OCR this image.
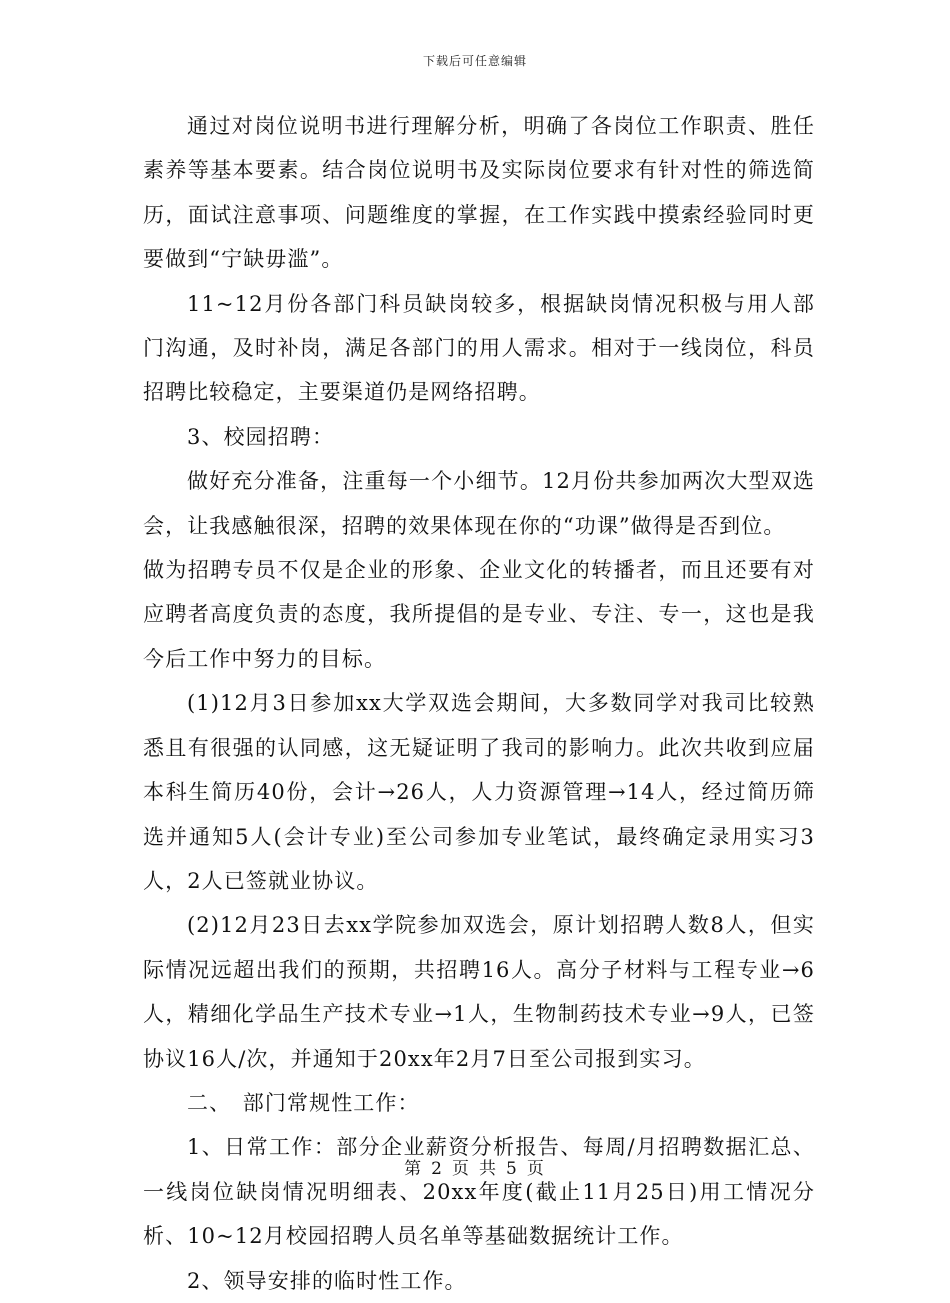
下载后可任意编辑

通过对岗位说明书进行理解分析，明确了各岗位工作职责、胜任素养等基本要素。结合岗位说明书及实际岗位要求有针对性的筛选简历，面试注意事项、问题维度的掌握，在工作实践中摸索经验同时更要做到“宁缺毋滥”。

11~12月份各部门科员缺岗较多，根据缺岗情况积极与用人部门沟通，及时补岗，满足各部门的用人需求。相对于一线岗位，科员招聘比较稳定，主要渠道仍是网络招聘。

3、校园招聘：

做好充分准备，注重每一个小细节。12月份共参加两次大型双选会，让我感触很深，招聘的效果体现在你的“功课”做得是否到位。

做为招聘专员不仅是企业的形象、企业文化的转播者，而且还要有对应聘者高度负责的态度，我所提倡的是专业、专注、专一，这也是我今后工作中努力的目标。

(1)12月3日参加xx大学双选会期间，大多数同学对我司比较熟悉且有很强的认同感，这无疑证明了我司的影响力。此次共收到应届本科生简历40份，会计→26人，人力资源管理→14人，经过简历筛选并通知5人(会计专业)至公司参加专业笔试，最终确定录用实习3人，2人已签就业协议。

(2)12月23日去xx学院参加双选会，原计划招聘人数8人，但实际情况远超出我们的预期，共招聘16人。高分子材料与工程专业→6人，精细化学品生产技术专业→1人，生物制药技术专业→9人，已签协议16人/次，并通知于20xx年2月7日至公司报到实习。

二、　部门常规性工作：

1、日常工作：部分企业薪资分析报告、每周/月招聘数据汇总、一线岗位缺岗情况明细表、20xx年度(截止11月25日)用工情况分析、10~12月校园招聘人员名单等基础数据统计工作。

2、领导安排的临时性工作。

第 2 页 共 5 页
